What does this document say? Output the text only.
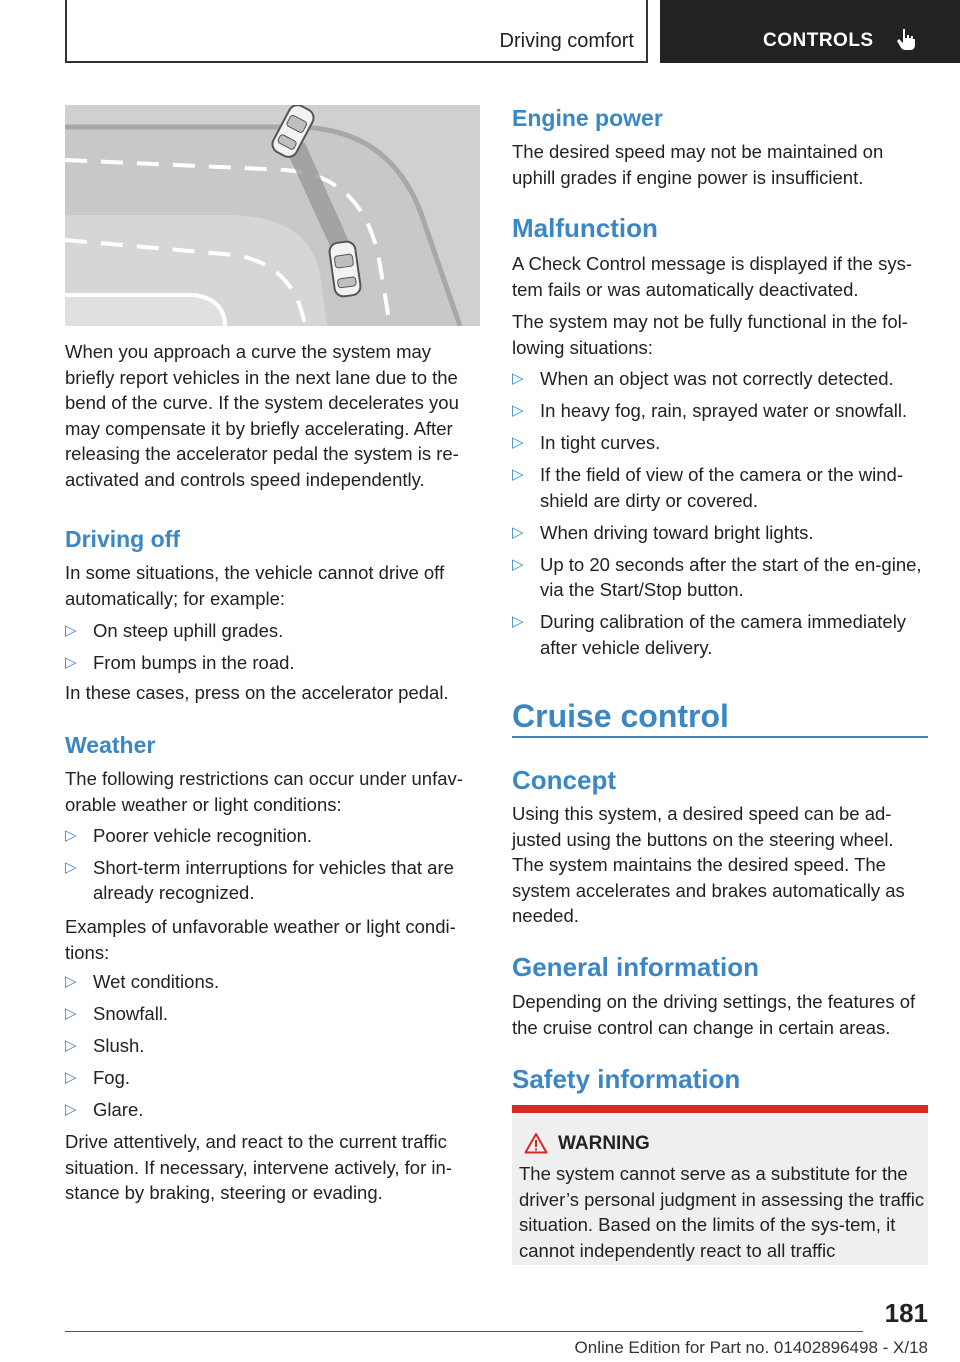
Driving comfort	CONTROLS

When you approach a curve the system may briefly report vehicles in the next lane due to the bend of the curve. If the system decelerates you may compensate it by briefly accelerating. After releasing the accelerator pedal the system is re-activated and controls speed independently.

Driving off

In some situations, the vehicle cannot drive off automatically; for example:

▷ On steep uphill grades.
▷ From bumps in the road.

In these cases, press on the accelerator pedal.

Weather

The following restrictions can occur under unfav-orable weather or light conditions:

▷ Poorer vehicle recognition.
▷ Short-term interruptions for vehicles that are already recognized.

Examples of unfavorable weather or light condi-tions:

▷ Wet conditions.
▷ Snowfall.
▷ Slush.
▷ Fog.
▷ Glare.

Drive attentively, and react to the current traffic situation. If necessary, intervene actively, for in-stance by braking, steering or evading.

Engine power

The desired speed may not be maintained on uphill grades if engine power is insufficient.

Malfunction

A Check Control message is displayed if the sys-tem fails or was automatically deactivated.

The system may not be fully functional in the fol-lowing situations:

▷ When an object was not correctly detected.
▷ In heavy fog, rain, sprayed water or snowfall.
▷ In tight curves.
▷ If the field of view of the camera or the wind-shield are dirty or covered.
▷ When driving toward bright lights.
▷ Up to 20 seconds after the start of the en-gine, via the Start/Stop button.
▷ During calibration of the camera immediately after vehicle delivery.
Cruise control
Concept

Using this system, a desired speed can be ad-justed using the buttons on the steering wheel. The system maintains the desired speed. The system accelerates and brakes automatically as needed.

General information

Depending on the driving settings, the features of the cruise control can change in certain areas.

Safety information
WARNING
The system cannot serve as a substitute for the driver’s personal judgment in assessing the traffic situation. Based on the limits of the sys-tem, it cannot independently react to all traffic
181
Online Edition for Part no. 01402896498 - X/18
